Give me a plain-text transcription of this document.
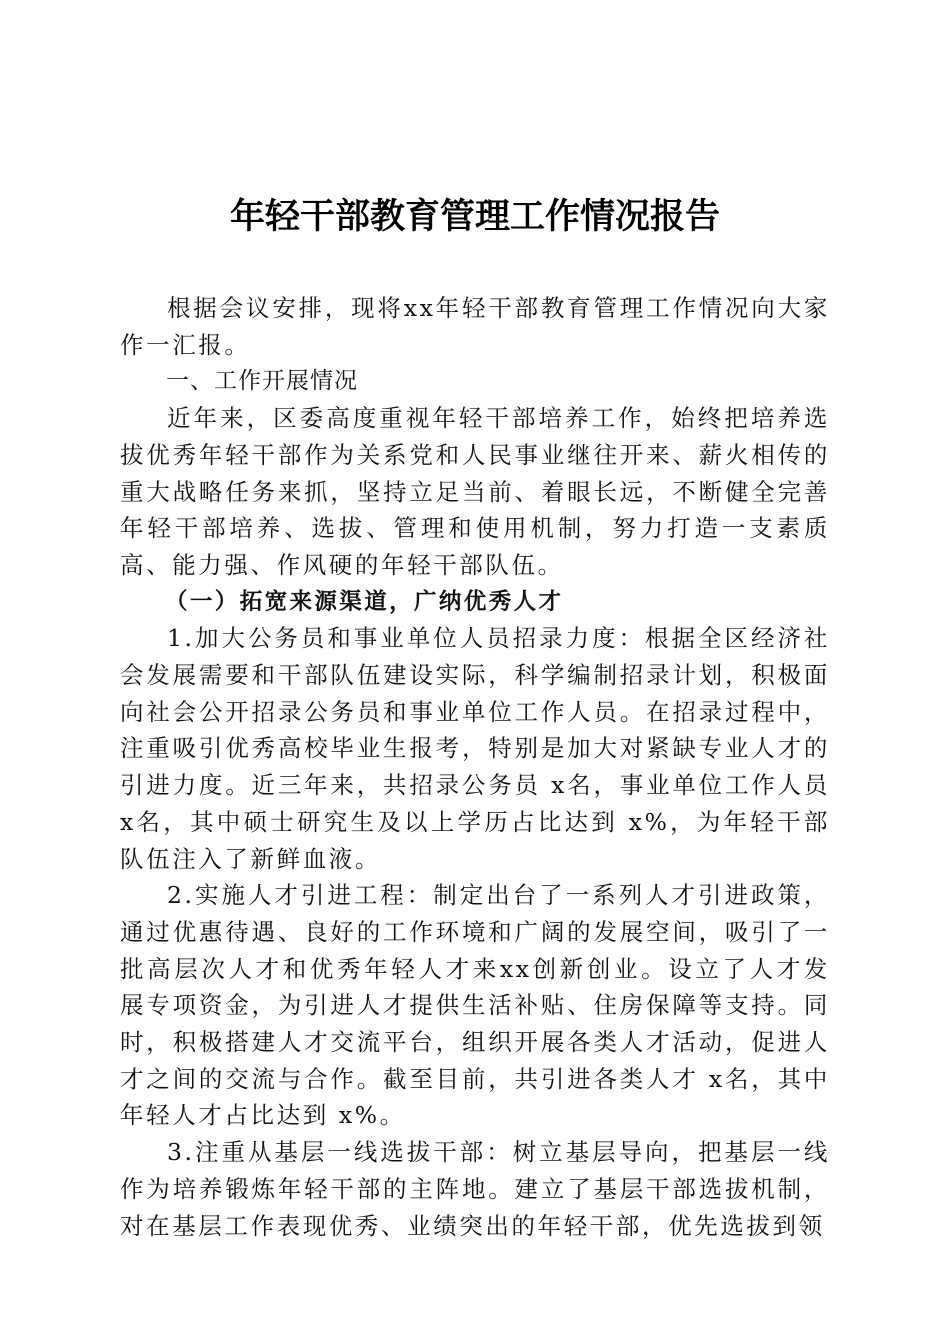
年轻干部教育管理工作情况报告

根据会议安排，现将xx年轻干部教育管理工作情况向大家作一汇报。

一、工作开展情况

近年来，区委高度重视年轻干部培养工作，始终把培养选拔优秀年轻干部作为关系党和人民事业继往开来、薪火相传的重大战略任务来抓，坚持立足当前、着眼长远，不断健全完善年轻干部培养、选拔、管理和使用机制，努力打造一支素质高、能力强、作风硬的年轻干部队伍。

（一）拓宽来源渠道，广纳优秀人才

1.加大公务员和事业单位人员招录力度：根据全区经济社会发展需要和干部队伍建设实际，科学编制招录计划，积极面向社会公开招录公务员和事业单位工作人员。在招录过程中，注重吸引优秀高校毕业生报考，特别是加大对紧缺专业人才的引进力度。近三年来，共招录公务员 x名，事业单位工作人员x名，其中硕士研究生及以上学历占比达到 x%，为年轻干部队伍注入了新鲜血液。

2.实施人才引进工程：制定出台了一系列人才引进政策，通过优惠待遇、良好的工作环境和广阔的发展空间，吸引了一批高层次人才和优秀年轻人才来xx创新创业。设立了人才发展专项资金，为引进人才提供生活补贴、住房保障等支持。同时，积极搭建人才交流平台，组织开展各类人才活动，促进人才之间的交流与合作。截至目前，共引进各类人才 x名，其中年轻人才占比达到 x%。

3.注重从基层一线选拔干部：树立基层导向，把基层一线作为培养锻炼年轻干部的主阵地。建立了基层干部选拔机制，对在基层工作表现优秀、业绩突出的年轻干部，优先选拔到领
